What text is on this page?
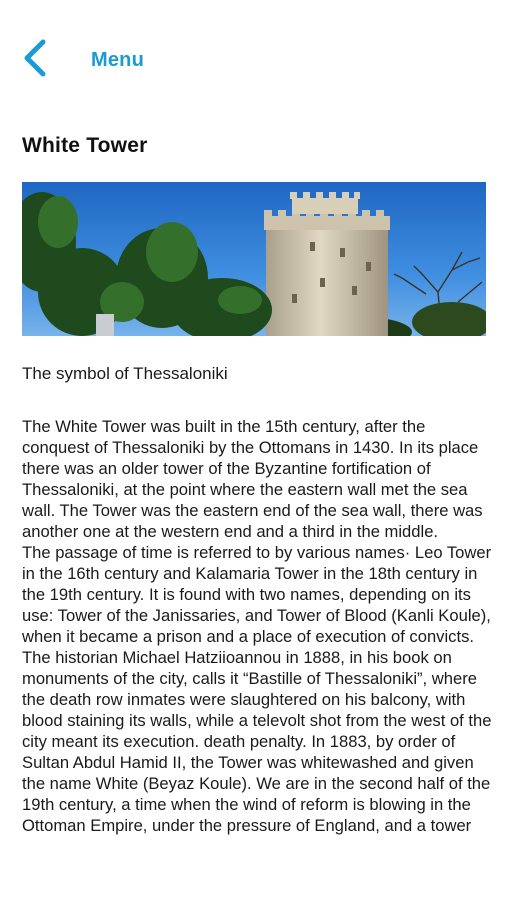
Menu
White Tower
The symbol of Thessaloniki

The White Tower was built in the 15th century, after the conquest of Thessaloniki by the Ottomans in 1430. In its place there was an older tower of the Byzantine fortification of Thessaloniki, at the point where the eastern wall met the sea wall. The Tower was the eastern end of the sea wall, there was another one at the western end and a third in the middle.

The passage of time is referred to by various names· Leo Tower in the 16th century and Kalamaria Tower in the 18th century in the 19th century. It is found with two names, depending on its use: Tower of the Janissaries, and Tower of Blood (Kanli Koule), when it became a prison and a place of execution of convicts. The historian Michael Hatziioannou in 1888, in his book on monuments of the city, calls it “Bastille of Thessaloniki”, where the death row inmates were slaughtered on his balcony, with blood staining its walls, while a televolt shot from the west of the city meant its execution. death penalty. In 1883, by order of Sultan Abdul Hamid II, the Tower was whitewashed and given the name White (Beyaz Koule). We are in the second half of the 19th century, a time when the wind of reform is blowing in the Ottoman Empire, under the pressure of England, and a tower
